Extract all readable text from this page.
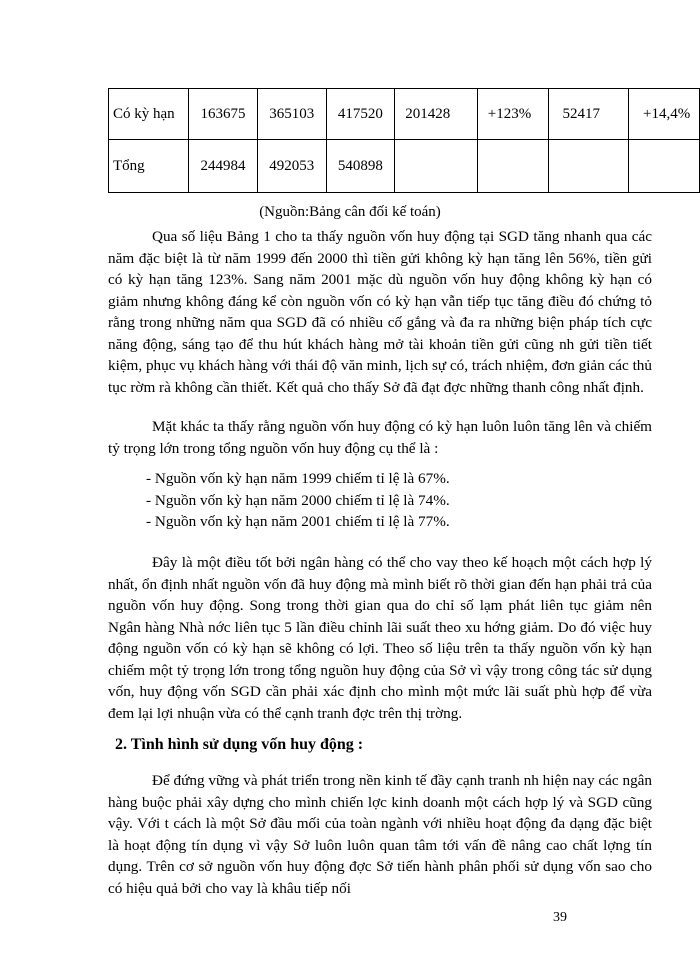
Có kỳ hạn	163675	365103	417520	201428	+123%	52417	+14,4%
Tổng	244984	492053	540898				
(Nguồn:Bảng cân đối kế toán)

Qua số liệu Bảng 1 cho ta thấy nguồn vốn huy động tại SGD tăng nhanh qua các năm đặc biệt là từ năm 1999 đến 2000 thì tiền gửi không kỳ hạn tăng lên 56%, tiền gửi có kỳ hạn tăng 123%. Sang năm 2001 mặc dù nguồn vốn huy động không kỳ hạn có giảm nhưng không đáng kể còn nguồn vốn có kỳ hạn vẫn tiếp tục tăng điều đó chứng tỏ rằng trong những năm qua SGD đã có nhiều cố gắng và đa ra những biện pháp tích cực năng động, sáng tạo để thu hút khách hàng mở tài khoản tiền gửi cũng nh gửi tiền tiết kiệm, phục vụ khách hàng với thái độ văn minh, lịch sự có, trách nhiệm, đơn giản các thủ tục rờm rà không cần thiết. Kết quả cho thấy Sở đã đạt đợc những thanh công nhất định.

Mặt khác ta thấy rằng nguồn vốn huy động có kỳ hạn luôn luôn tăng lên và chiếm tỷ trọng lớn trong tổng nguồn vốn huy động cụ thể là :

- Nguồn vốn kỳ hạn năm 1999 chiếm tỉ lệ là 67%.
- Nguồn vốn kỳ hạn năm 2000 chiếm tỉ lệ là 74%.
- Nguồn vốn kỳ hạn năm 2001 chiếm tỉ lệ là 77%.

Đây là một điều tốt bởi ngân hàng có thể cho vay theo kế hoạch một cách hợp lý nhất, ổn định nhất nguồn vốn đã huy động mà mình biết rõ thời gian đến hạn phải trả của nguồn vốn huy động. Song trong thời gian qua do chỉ số lạm phát liên tục giảm nên Ngân hàng Nhà nớc liên tục 5 lần điều chỉnh lãi suất theo xu hớng giảm. Do đó việc huy động nguồn vốn có kỳ hạn sẽ không có lợi. Theo số liệu trên ta thấy nguồn vốn kỳ hạn chiếm một tỷ trọng lớn trong tổng nguồn huy động của Sở vì vậy trong công tác sử dụng vốn, huy động vốn SGD cần phải xác định cho mình một mức lãi suất phù hợp để vừa đem lại lợi nhuận vừa có thể cạnh tranh đợc trên thị trờng.

2. Tình hình sử dụng vốn huy động :

Để đứng vững và phát triển trong nền kinh tế đầy cạnh tranh nh hiện nay các ngân hàng buộc phải xây dựng cho mình chiến lợc kinh doanh một cách hợp lý và SGD cũng vậy. Với t cách là một Sở đầu mối của toàn ngành với nhiều hoạt động đa dạng đặc biệt là hoạt động tín dụng vì vậy Sở luôn luôn quan tâm tới vấn đề nâng cao chất lợng tín dụng. Trên cơ sở nguồn vốn huy động đợc Sở tiến hành phân phối sử dụng vốn sao cho có hiệu quả bởi cho vay là khâu tiếp nối

39
